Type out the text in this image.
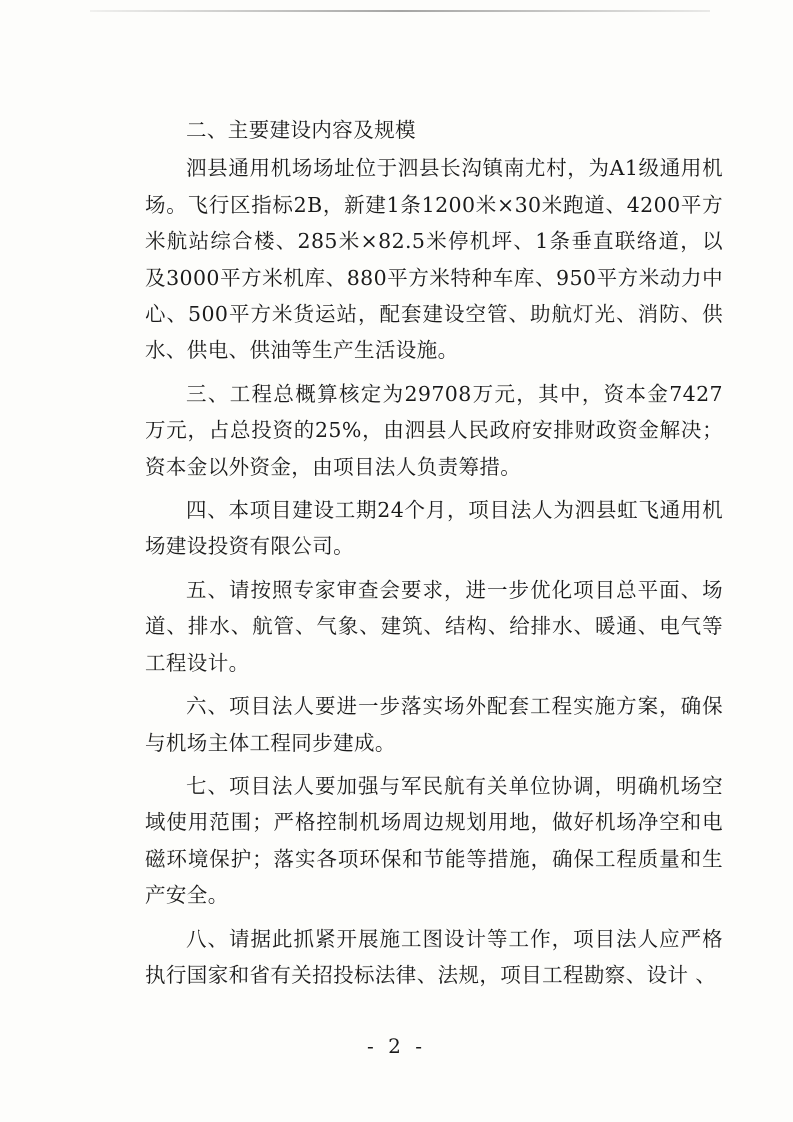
二、主要建设内容及规模

泗县通用机场场址位于泗县长沟镇南尤村，为A1级通用机场。飞行区指标2B，新建1条1200米×30米跑道、4200平方米航站综合楼、285米×82.5米停机坪、1条垂直联络道，以及3000平方米机库、880平方米特种车库、950平方米动力中心、500平方米货运站，配套建设空管、助航灯光、消防、供水、供电、供油等生产生活设施。

三、工程总概算核定为29708万元，其中，资本金7427万元，占总投资的25%，由泗县人民政府安排财政资金解决；资本金以外资金，由项目法人负责筹措。

四、本项目建设工期24个月，项目法人为泗县虹飞通用机场建设投资有限公司。

五、请按照专家审查会要求，进一步优化项目总平面、场道、排水、航管、气象、建筑、结构、给排水、暖通、电气等工程设计。

六、项目法人要进一步落实场外配套工程实施方案，确保与机场主体工程同步建成。

七、项目法人要加强与军民航有关单位协调，明确机场空域使用范围；严格控制机场周边规划用地，做好机场净空和电磁环境保护；落实各项环保和节能等措施，确保工程质量和生产安全。

八、请据此抓紧开展施工图设计等工作，项目法人应严格执行国家和省有关招投标法律、法规，项目工程勘察、设计 、

- 2 -
